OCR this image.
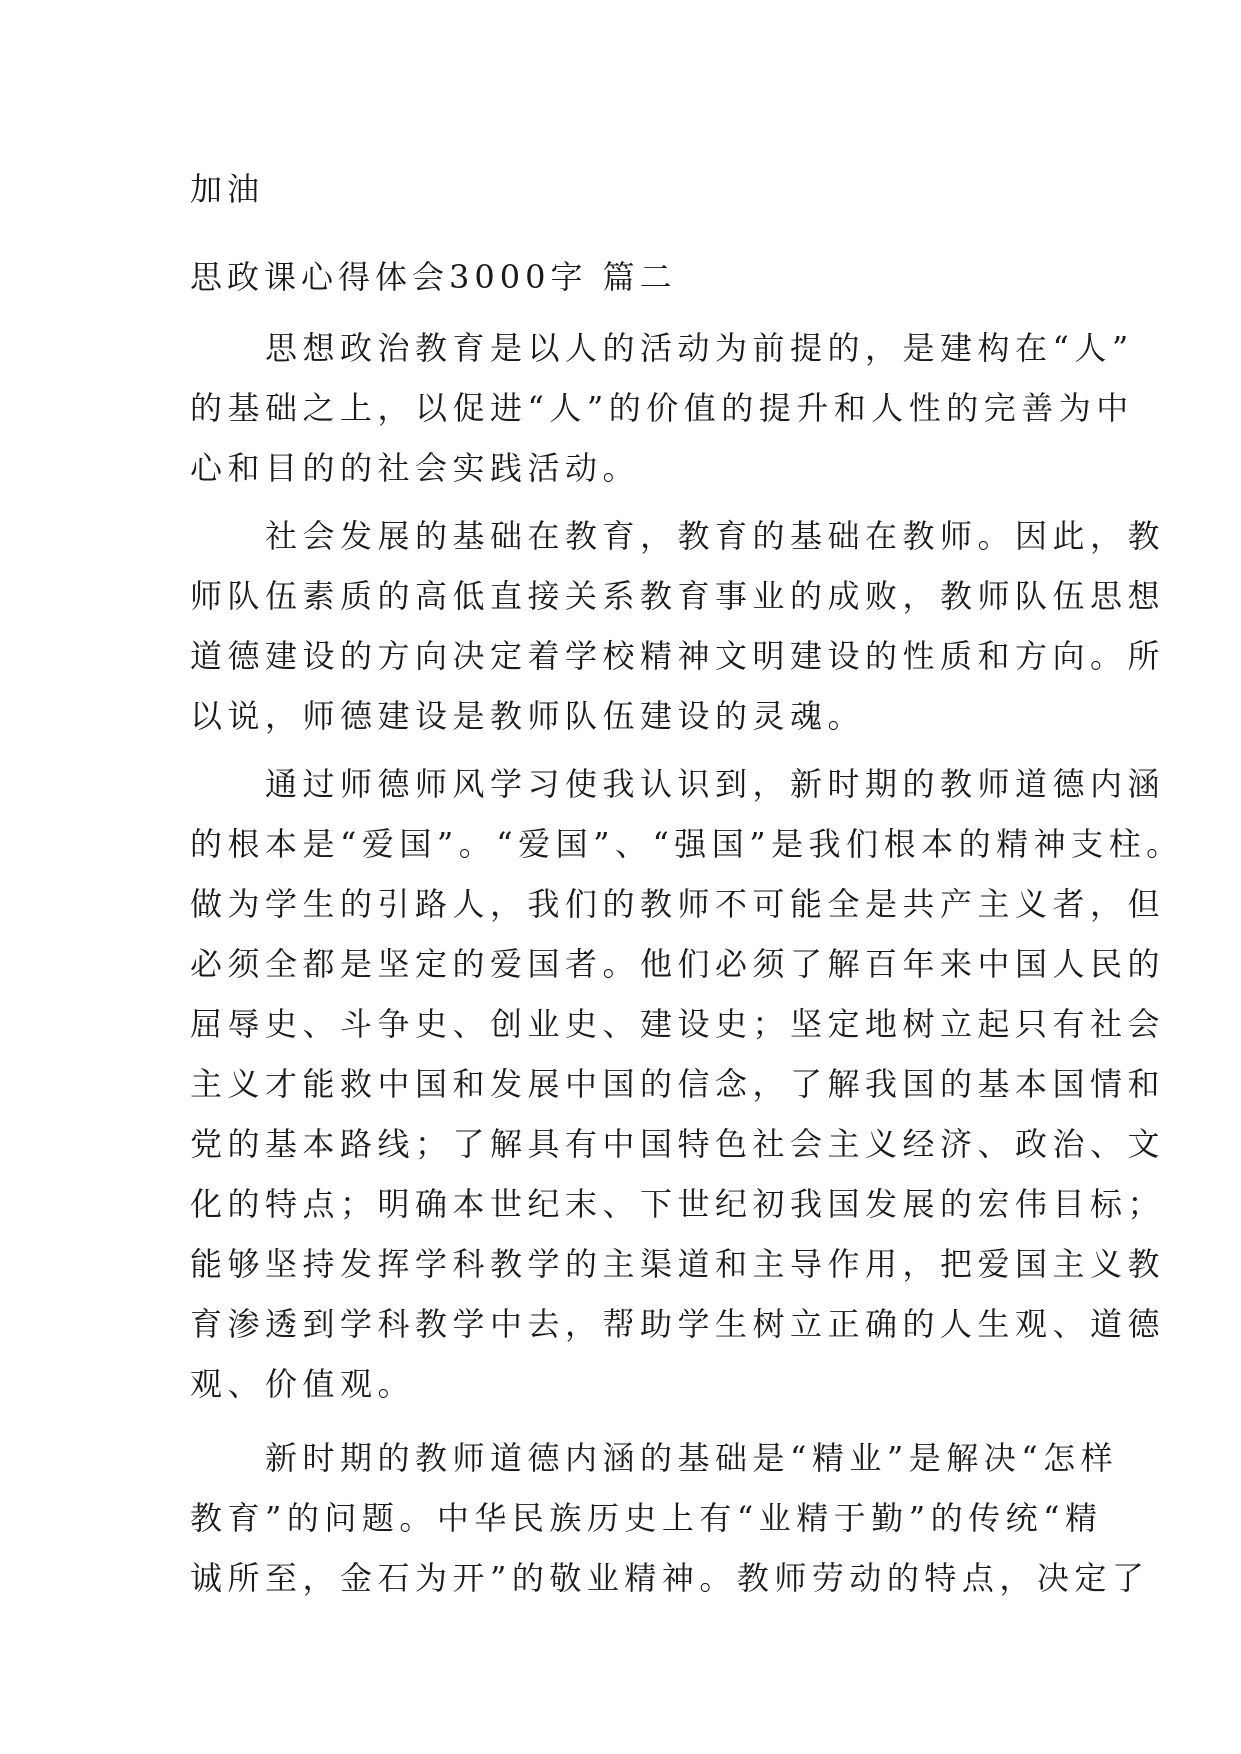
加油
思政课心得体会3000字 篇二
　　思想政治教育是以人的活动为前提的，是建构在“人”
的基础之上，以促进“人”的价值的提升和人性的完善为中
心和目的的社会实践活动。
　　社会发展的基础在教育，教育的基础在教师。因此，教
师队伍素质的高低直接关系教育事业的成败，教师队伍思想
道德建设的方向决定着学校精神文明建设的性质和方向。所
以说，师德建设是教师队伍建设的灵魂。
　　通过师德师风学习使我认识到，新时期的教师道德内涵
的根本是“爱国”。“爱国”、“强国”是我们根本的精神支柱。
做为学生的引路人，我们的教师不可能全是共产主义者，但
必须全都是坚定的爱国者。他们必须了解百年来中国人民的
屈辱史、斗争史、创业史、建设史；坚定地树立起只有社会
主义才能救中国和发展中国的信念，了解我国的基本国情和
党的基本路线；了解具有中国特色社会主义经济、政治、文
化的特点；明确本世纪末、下世纪初我国发展的宏伟目标；
能够坚持发挥学科教学的主渠道和主导作用，把爱国主义教
育渗透到学科教学中去，帮助学生树立正确的人生观、道德
观、价值观。
　　新时期的教师道德内涵的基础是“精业”是解决“怎样
教育”的问题。中华民族历史上有“业精于勤”的传统“精
诚所至，金石为开”的敬业精神。教师劳动的特点，决定了
